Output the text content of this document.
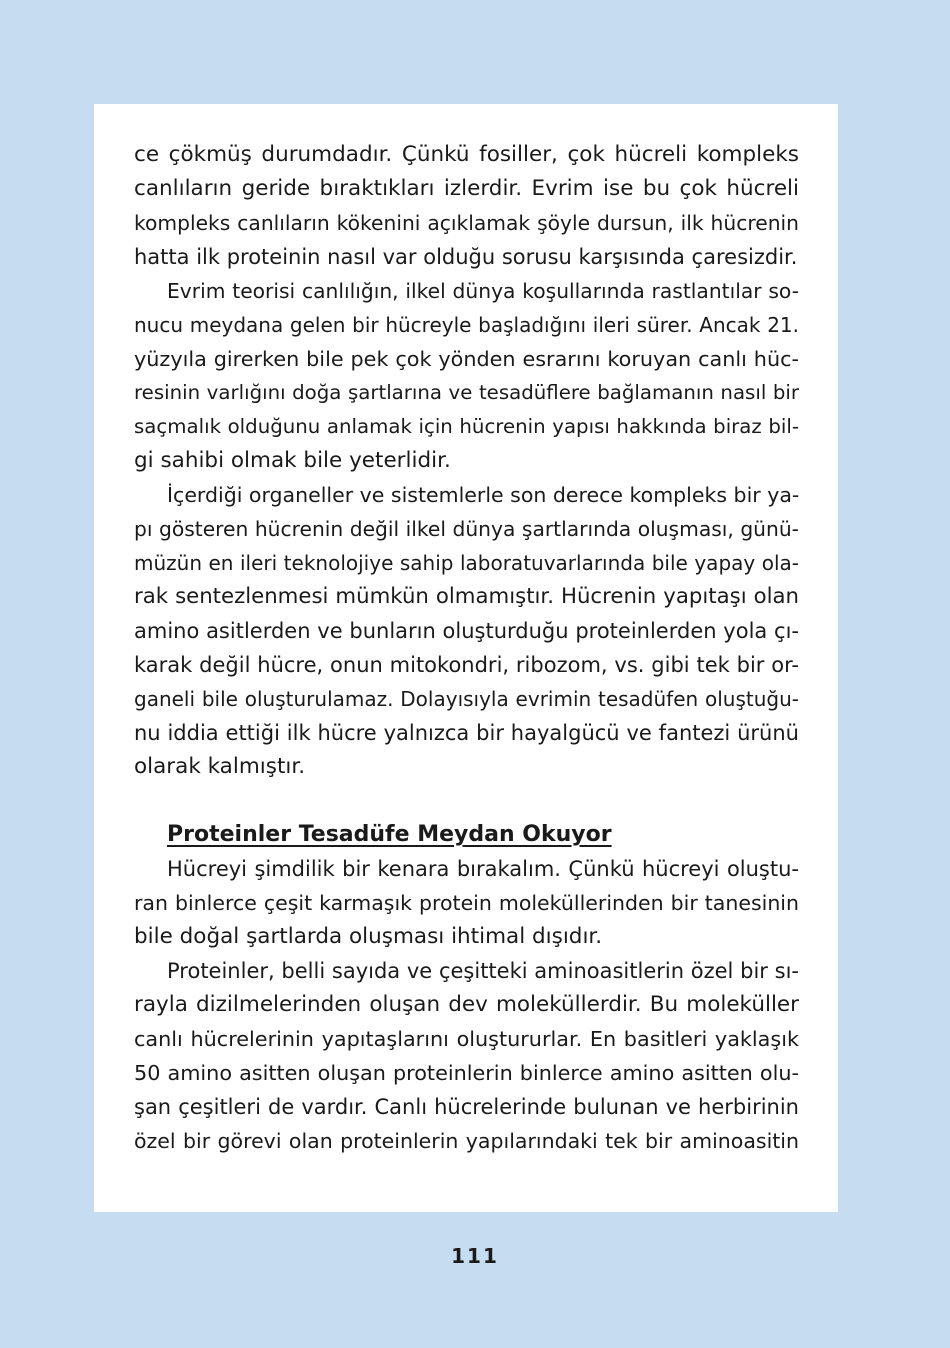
ce çökmüş durumdadır. Çünkü fosiller, çok hücreli kompleks
canlıların geride bıraktıkları izlerdir. Evrim ise bu çok hücreli
kompleks canlıların kökenini açıklamak şöyle dursun, ilk hücrenin
hatta ilk proteinin nasıl var olduğu sorusu karşısında çaresizdir.
Evrim teorisi canlılığın, ilkel dünya koşullarında rastlantılar so-
nucu meydana gelen bir hücreyle başladığını ileri sürer. Ancak 21.
yüzyıla girerken bile pek çok yönden esrarını koruyan canlı hüc-
resinin varlığını doğa şartlarına ve tesadüflere bağlamanın nasıl bir
saçmalık olduğunu anlamak için hücrenin yapısı hakkında biraz bil-
gi sahibi olmak bile yeterlidir.
İçerdiği organeller ve sistemlerle son derece kompleks bir ya-
pı gösteren hücrenin değil ilkel dünya şartlarında oluşması, günü-
müzün en ileri teknolojiye sahip laboratuvarlarında bile yapay ola-
rak sentezlenmesi mümkün olmamıştır. Hücrenin yapıtaşı olan
amino asitlerden ve bunların oluşturduğu proteinlerden yola çı-
karak değil hücre, onun mitokondri, ribozom, vs. gibi tek bir or-
ganeli bile oluşturulamaz. Dolayısıyla evrimin tesadüfen oluştuğu-
nu iddia ettiği ilk hücre yalnızca bir hayalgücü ve fantezi ürünü
olarak kalmıştır.
Proteinler Tesadüfe Meydan Okuyor
Hücreyi şimdilik bir kenara bırakalım. Çünkü hücreyi oluştu-
ran binlerce çeşit karmaşık protein moleküllerinden bir tanesinin
bile doğal şartlarda oluşması ihtimal dışıdır.
Proteinler, belli sayıda ve çeşitteki aminoasitlerin özel bir sı-
rayla dizilmelerinden oluşan dev moleküllerdir. Bu moleküller
canlı hücrelerinin yapıtaşlarını oluştururlar. En basitleri yaklaşık
50 amino asitten oluşan proteinlerin binlerce amino asitten olu-
şan çeşitleri de vardır. Canlı hücrelerinde bulunan ve herbirinin
özel bir görevi olan proteinlerin yapılarındaki tek bir aminoasitin
111
